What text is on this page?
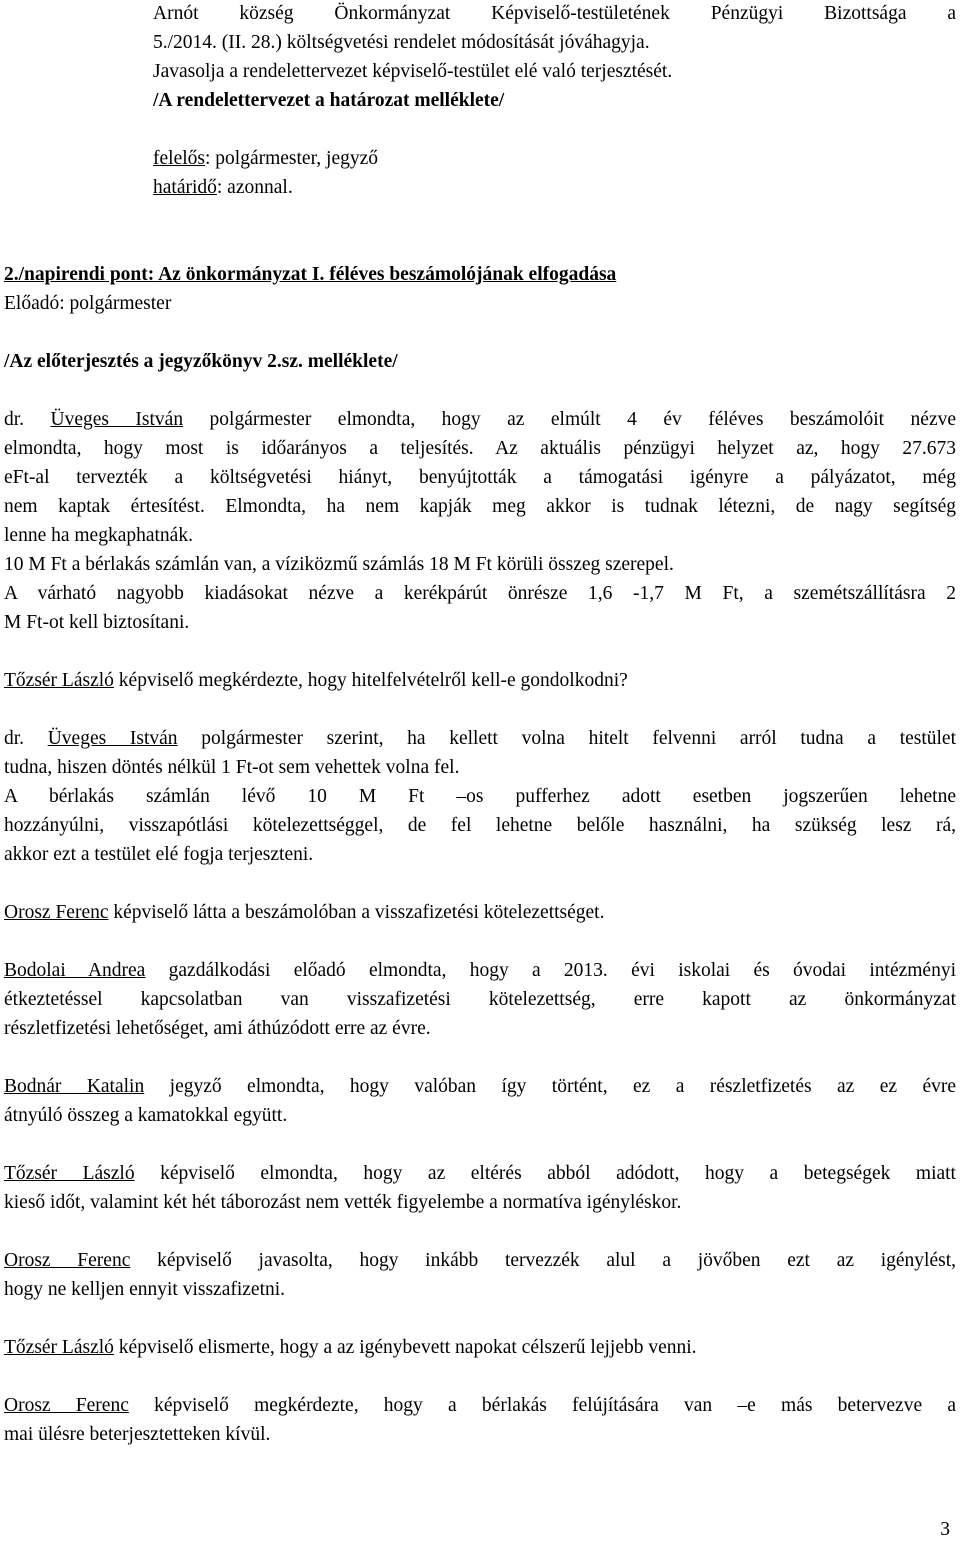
Arnót község Önkormányzat Képviselő-testületének Pénzügyi Bizottsága a
5./2014. (II. 28.) költségvetési rendelet módosítását jóváhagyja.
Javasolja a rendelettervezet képviselő-testület elé való terjesztését.
/A rendelettervezet a határozat melléklete/
felelős: polgármester, jegyző
határidő: azonnal.
2./napirendi pont: Az önkormányzat I. féléves beszámolójának elfogadása
Előadó: polgármester
/Az előterjesztés a jegyzőkönyv 2.sz. melléklete/
dr. Üveges István polgármester elmondta, hogy az elmúlt 4 év féléves beszámolóit nézve
elmondta, hogy most is időarányos a teljesítés. Az aktuális pénzügyi helyzet az, hogy 27.673
eFt-al tervezték a költségvetési hiányt, benyújtották a támogatási igényre a pályázatot, még
nem kaptak értesítést. Elmondta, ha nem kapják meg akkor is tudnak létezni, de nagy segítség
lenne ha megkaphatnák.
10 M Ft a bérlakás számlán van, a víziközmű számlás 18 M Ft körüli összeg szerepel.
A várható nagyobb kiadásokat nézve a kerékpárút önrésze 1,6 -1,7 M Ft, a szemétszállításra 2
M Ft-ot kell biztosítani.
Tőzsér László képviselő megkérdezte, hogy hitelfelvételről kell-e gondolkodni?
dr. Üveges István polgármester szerint, ha kellett volna hitelt felvenni arról tudna a testület
tudna, hiszen döntés nélkül 1 Ft-ot sem vehettek volna fel.
A bérlakás számlán lévő 10 M Ft –os pufferhez adott esetben jogszerűen lehetne
hozzányúlni, visszapótlási kötelezettséggel, de fel lehetne belőle használni, ha szükség lesz rá,
akkor ezt a testület elé fogja terjeszteni.
Orosz Ferenc képviselő látta a beszámolóban a visszafizetési kötelezettséget.
Bodolai Andrea gazdálkodási előadó elmondta, hogy a 2013. évi iskolai és óvodai intézményi
étkeztetéssel kapcsolatban van visszafizetési kötelezettség, erre kapott az önkormányzat
részletfizetési lehetőséget, ami áthúzódott erre az évre.
Bodnár Katalin jegyző elmondta, hogy valóban így történt, ez a részletfizetés az ez évre
átnyúló összeg a kamatokkal együtt.
Tőzsér László képviselő elmondta, hogy az eltérés abból adódott, hogy a betegségek miatt
kieső időt, valamint két hét táborozást nem vették figyelembe a normatíva igényléskor.
Orosz Ferenc képviselő javasolta, hogy inkább tervezzék alul a jövőben ezt az igénylést,
hogy ne kelljen ennyit visszafizetni.
Tőzsér László képviselő elismerte, hogy a az igénybevett napokat célszerű lejjebb venni.
Orosz Ferenc képviselő megkérdezte, hogy a bérlakás felújítására van –e más betervezve a
mai ülésre beterjesztetteken kívül.
3
